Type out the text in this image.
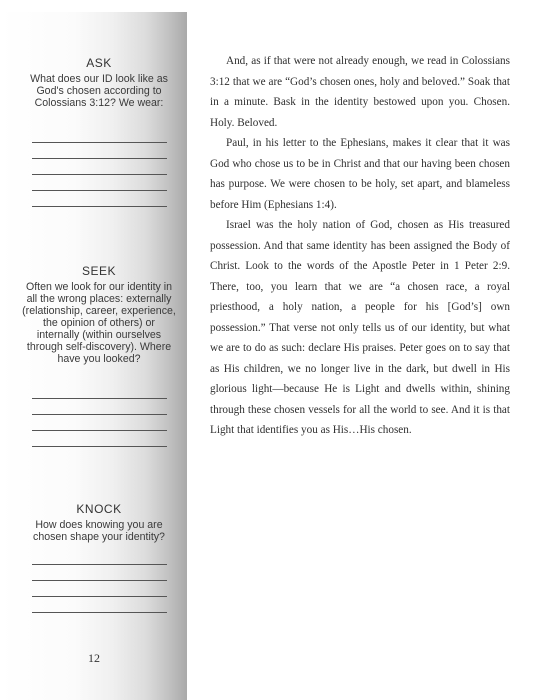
ASK
What does our ID look like as God's chosen according to Colossians 3:12? We wear:
SEEK
Often we look for our identity in all the wrong places: externally (relationship, career, experience, the opinion of others) or internally (within ourselves through self-discovery). Where have you looked?
KNOCK
How does knowing you are chosen shape your identity?
12

And, as if that were not already enough, we read in Colossians 3:12 that we are “God’s chosen ones, holy and beloved.” Soak that in a minute. Bask in the identity bestowed upon you. Chosen. Holy. Beloved.

Paul, in his letter to the Ephesians, makes it clear that it was God who chose us to be in Christ and that our having been chosen has purpose. We were chosen to be holy, set apart, and blameless before Him (Ephesians 1:4).

Israel was the holy nation of God, chosen as His treasured possession. And that same identity has been assigned the Body of Christ. Look to the words of the Apostle Peter in 1 Peter 2:9. There, too, you learn that we are “a chosen race, a royal priesthood, a holy nation, a people for his [God’s] own possession.” That verse not only tells us of our identity, but what we are to do as such: declare His praises. Peter goes on to say that as His children, we no longer live in the dark, but dwell in His glorious light—because He is Light and dwells within, shining through these chosen vessels for all the world to see. And it is that Light that identifies you as His…His chosen.
